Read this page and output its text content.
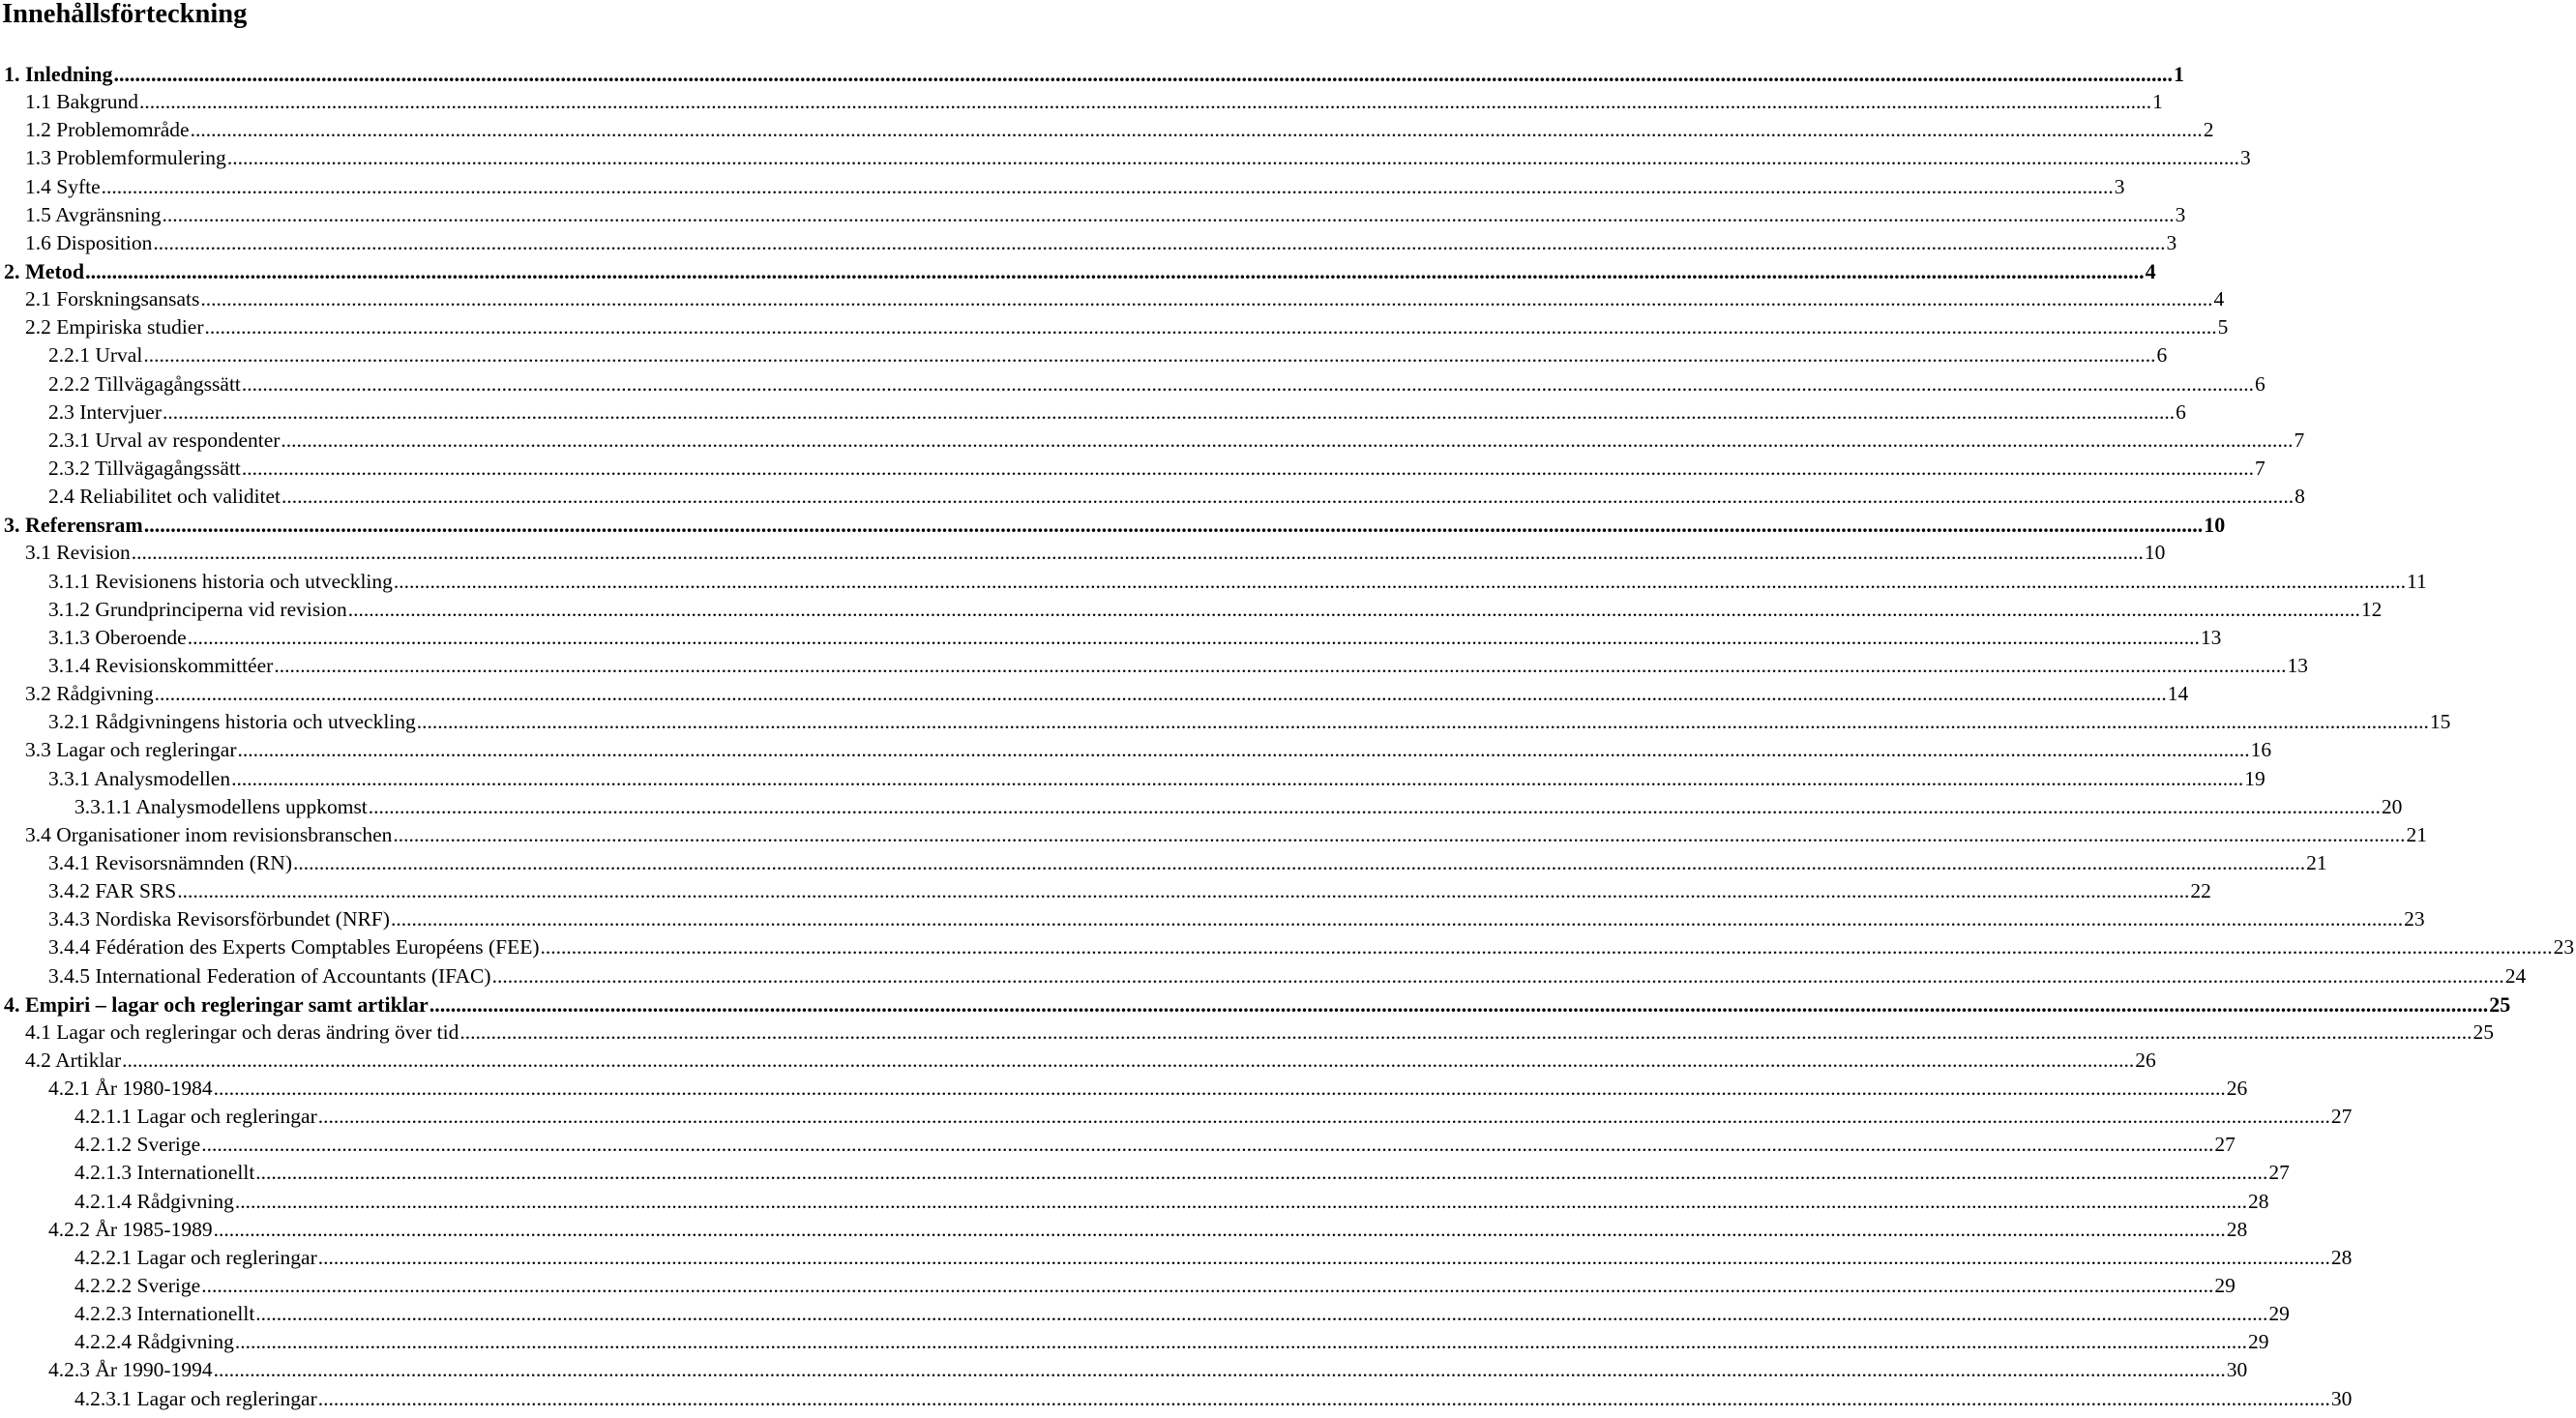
Innehållsförteckning
1. Inledning ................................................................................................................................................................................................................................................................................................................................................................................................... 1
1.1 Bakgrund ................................................................................................................................................................................................................................................................................................................................................................................................... 1
1.2 Problemområde ................................................................................................................................................................................................................................................................................................................................................................................................... 2
1.3 Problemformulering ................................................................................................................................................................................................................................................................................................................................................................................................... 3
1.4 Syfte ................................................................................................................................................................................................................................................................................................................................................................................................... 3
1.5 Avgränsning ................................................................................................................................................................................................................................................................................................................................................................................................... 3
1.6 Disposition ................................................................................................................................................................................................................................................................................................................................................................................................... 3
2. Metod ................................................................................................................................................................................................................................................................................................................................................................................................... 4
2.1 Forskningsansats ................................................................................................................................................................................................................................................................................................................................................................................................... 4
2.2 Empiriska studier ................................................................................................................................................................................................................................................................................................................................................................................................... 5
2.2.1 Urval ................................................................................................................................................................................................................................................................................................................................................................................................... 6
2.2.2 Tillvägagångssätt ................................................................................................................................................................................................................................................................................................................................................................................................... 6
2.3 Intervjuer ................................................................................................................................................................................................................................................................................................................................................................................................... 6
2.3.1 Urval av respondenter ................................................................................................................................................................................................................................................................................................................................................................................................... 7
2.3.2 Tillvägagångssätt ................................................................................................................................................................................................................................................................................................................................................................................................... 7
2.4 Reliabilitet och validitet ................................................................................................................................................................................................................................................................................................................................................................................................... 8
3. Referensram ................................................................................................................................................................................................................................................................................................................................................................................................... 10
3.1 Revision ................................................................................................................................................................................................................................................................................................................................................................................................... 10
3.1.1 Revisionens historia och utveckling ................................................................................................................................................................................................................................................................................................................................................................................................... 11
3.1.2 Grundprinciperna vid revision ................................................................................................................................................................................................................................................................................................................................................................................................... 12
3.1.3 Oberoende ................................................................................................................................................................................................................................................................................................................................................................................................... 13
3.1.4 Revisionskommittéer ................................................................................................................................................................................................................................................................................................................................................................................................... 13
3.2 Rådgivning ................................................................................................................................................................................................................................................................................................................................................................................................... 14
3.2.1 Rådgivningens historia och utveckling ................................................................................................................................................................................................................................................................................................................................................................................................... 15
3.3 Lagar och regleringar ................................................................................................................................................................................................................................................................................................................................................................................................... 16
3.3.1 Analysmodellen ................................................................................................................................................................................................................................................................................................................................................................................................... 19
3.3.1.1 Analysmodellens uppkomst ................................................................................................................................................................................................................................................................................................................................................................................................... 20
3.4 Organisationer inom revisionsbranschen ................................................................................................................................................................................................................................................................................................................................................................................................... 21
3.4.1 Revisorsnämnden (RN) ................................................................................................................................................................................................................................................................................................................................................................................................... 21
3.4.2 FAR SRS ................................................................................................................................................................................................................................................................................................................................................................................................... 22
3.4.3 Nordiska Revisorsförbundet (NRF) ................................................................................................................................................................................................................................................................................................................................................................................................... 23
3.4.4 Fédération des Experts Comptables Européens (FEE) ................................................................................................................................................................................................................................................................................................................................................................................................... 23
3.4.5 International Federation of Accountants (IFAC) ................................................................................................................................................................................................................................................................................................................................................................................................... 24
4. Empiri – lagar och regleringar samt artiklar ................................................................................................................................................................................................................................................................................................................................................................................................... 25
4.1 Lagar och regleringar och deras ändring över tid ................................................................................................................................................................................................................................................................................................................................................................................................... 25
4.2 Artiklar ................................................................................................................................................................................................................................................................................................................................................................................................... 26
4.2.1 År 1980-1984 ................................................................................................................................................................................................................................................................................................................................................................................................... 26
4.2.1.1 Lagar och regleringar ................................................................................................................................................................................................................................................................................................................................................................................................... 27
4.2.1.2 Sverige ................................................................................................................................................................................................................................................................................................................................................................................................... 27
4.2.1.3 Internationellt ................................................................................................................................................................................................................................................................................................................................................................................................... 27
4.2.1.4 Rådgivning ................................................................................................................................................................................................................................................................................................................................................................................................... 28
4.2.2 År 1985-1989 ................................................................................................................................................................................................................................................................................................................................................................................................... 28
4.2.2.1 Lagar och regleringar ................................................................................................................................................................................................................................................................................................................................................................................................... 28
4.2.2.2 Sverige ................................................................................................................................................................................................................................................................................................................................................................................................... 29
4.2.2.3 Internationellt ................................................................................................................................................................................................................................................................................................................................................................................................... 29
4.2.2.4 Rådgivning ................................................................................................................................................................................................................................................................................................................................................................................................... 29
4.2.3 År 1990-1994 ................................................................................................................................................................................................................................................................................................................................................................................................... 30
4.2.3.1 Lagar och regleringar ................................................................................................................................................................................................................................................................................................................................................................................................... 30
